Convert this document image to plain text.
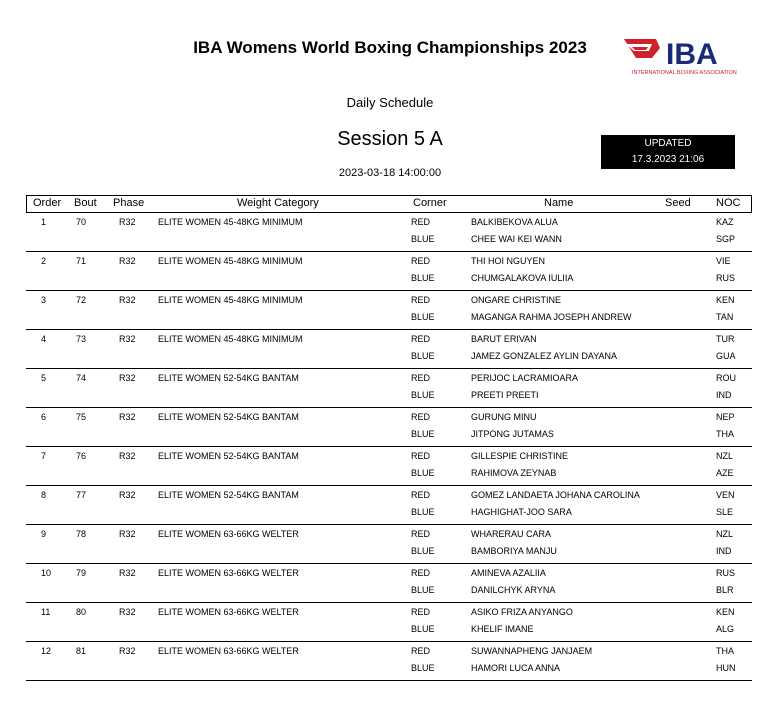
IBA Womens World Boxing Championships 2023	IBA
INTERNATIONAL BOXING ASSOCIATION
Daily Schedule
Session 5 A
2023-03-18 14:00:00
UPDATED
17.3.2023 21:06
Order Bout Phase	Weight Category	Corner	Name	Seed NOC
1	70	R32 ELITE WOMEN 45-48KG MINIMUM	RED	BALKIBEKOVA ALUA	KAZ
BLUE	CHEE WAI KEI WANN	SGP
2	71	R32 ELITE WOMEN 45-48KG MINIMUM	RED	THI HOI NGUYEN	VIE
BLUE	CHUMGALAKOVA IULIIA	RUS
3	72	R32 ELITE WOMEN 45-48KG MINIMUM	RED	ONGARE CHRISTINE	KEN
BLUE	MAGANGA RAHMA JOSEPH ANDREW	TAN
4	73	R32 ELITE WOMEN 45-48KG MINIMUM	RED	BARUT ERIVAN	TUR
BLUE	JAMEZ GONZALEZ AYLIN DAYANA	GUA
5	74	R32 ELITE WOMEN 52-54KG BANTAM	RED	PERIJOC LACRAMIOARA	ROU
BLUE	PREETI PREETI	IND
6	75	R32 ELITE WOMEN 52-54KG BANTAM	RED	GURUNG MINU	NEP
BLUE	JITPONG JUTAMAS	THA
7	76	R32 ELITE WOMEN 52-54KG BANTAM	RED	GILLESPIE CHRISTINE	NZL
BLUE	RAHIMOVA ZEYNAB	AZE
8	77	R32 ELITE WOMEN 52-54KG BANTAM	RED	GOMEZ LANDAETA JOHANA CAROLINA	VEN
BLUE	HAGHIGHAT-JOO SARA	SLE
9	78	R32 ELITE WOMEN 63-66KG WELTER	RED	WHARERAU CARA	NZL
BLUE	BAMBORIYA MANJU	IND
10	79	R32 ELITE WOMEN 63-66KG WELTER	RED	AMINEVA AZALIIA	RUS
BLUE	DANILCHYK ARYNA	BLR
11	80	R32 ELITE WOMEN 63-66KG WELTER	RED	ASIKO FRIZA ANYANGO	KEN
BLUE	KHELIF IMANE	ALG
12	81	R32 ELITE WOMEN 63-66KG WELTER	RED	SUWANNAPHENG JANJAEM	THA
BLUE	HAMORI LUCA ANNA	HUN
